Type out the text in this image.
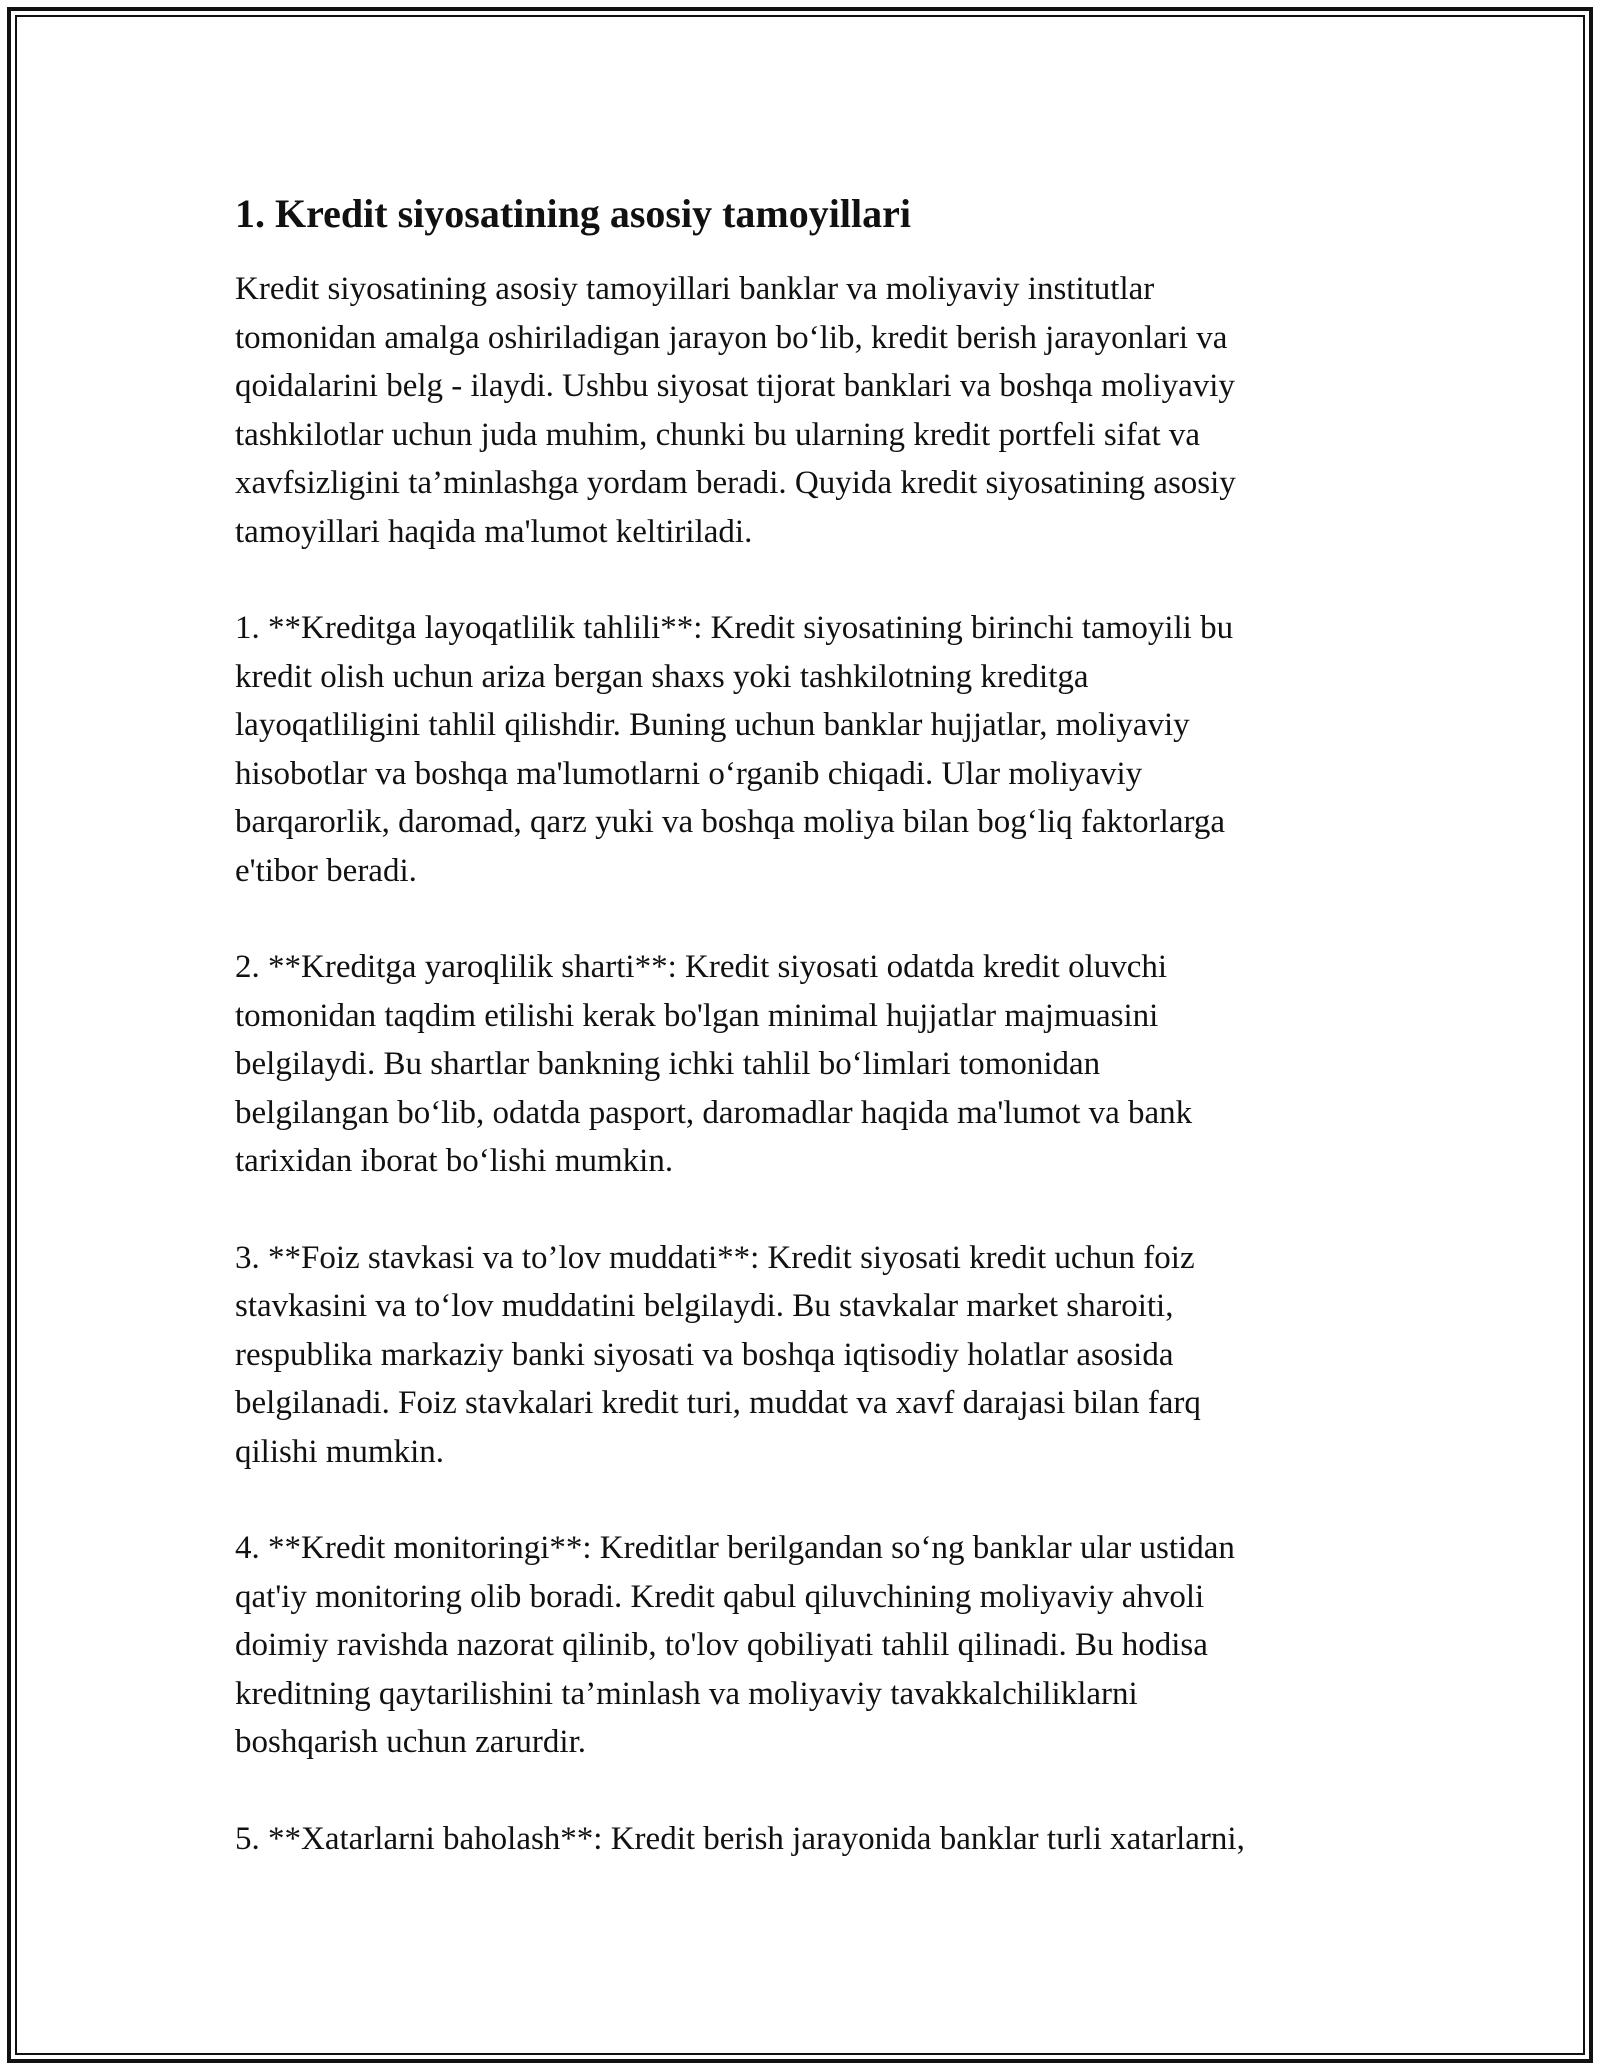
1. Kredit siyosatining asosiy tamoyillari
Kredit siyosatining asosiy tamoyillari banklar va moliyaviy institutlar
tomonidan amalga oshiriladigan jarayon bo‘lib, kredit berish jarayonlari va
qoidalarini belg - ilaydi. Ushbu siyosat tijorat banklari va boshqa moliyaviy
tashkilotlar uchun juda muhim, chunki bu ularning kredit portfeli sifat va
xavfsizligini ta’minlashga yordam beradi. Quyida kredit siyosatining asosiy
tamoyillari haqida ma'lumot keltiriladi.
1. **Kreditga layoqatlilik tahlili**: Kredit siyosatining birinchi tamoyili bu
kredit olish uchun ariza bergan shaxs yoki tashkilotning kreditga
layoqatliligini tahlil qilishdir. Buning uchun banklar hujjatlar, moliyaviy
hisobotlar va boshqa ma'lumotlarni o‘rganib chiqadi. Ular moliyaviy
barqarorlik, daromad, qarz yuki va boshqa moliya bilan bog‘liq faktorlarga
e'tibor beradi.
2. **Kreditga yaroqlilik sharti**: Kredit siyosati odatda kredit oluvchi
tomonidan taqdim etilishi kerak bo'lgan minimal hujjatlar majmuasini
belgilaydi. Bu shartlar bankning ichki tahlil bo‘limlari tomonidan
belgilangan bo‘lib, odatda pasport, daromadlar haqida ma'lumot va bank
tarixidan iborat bo‘lishi mumkin.
3. **Foiz stavkasi va to’lov muddati**: Kredit siyosati kredit uchun foiz
stavkasini va to‘lov muddatini belgilaydi. Bu stavkalar market sharoiti,
respublika markaziy banki siyosati va boshqa iqtisodiy holatlar asosida
belgilanadi. Foiz stavkalari kredit turi, muddat va xavf darajasi bilan farq
qilishi mumkin.
4. **Kredit monitoringi**: Kreditlar berilgandan so‘ng banklar ular ustidan
qat'iy monitoring olib boradi. Kredit qabul qiluvchining moliyaviy ahvoli
doimiy ravishda nazorat qilinib, to'lov qobiliyati tahlil qilinadi. Bu hodisa
kreditning qaytarilishini ta’minlash va moliyaviy tavakkalchiliklarni
boshqarish uchun zarurdir.
5. **Xatarlarni baholash**: Kredit berish jarayonida banklar turli xatarlarni,
